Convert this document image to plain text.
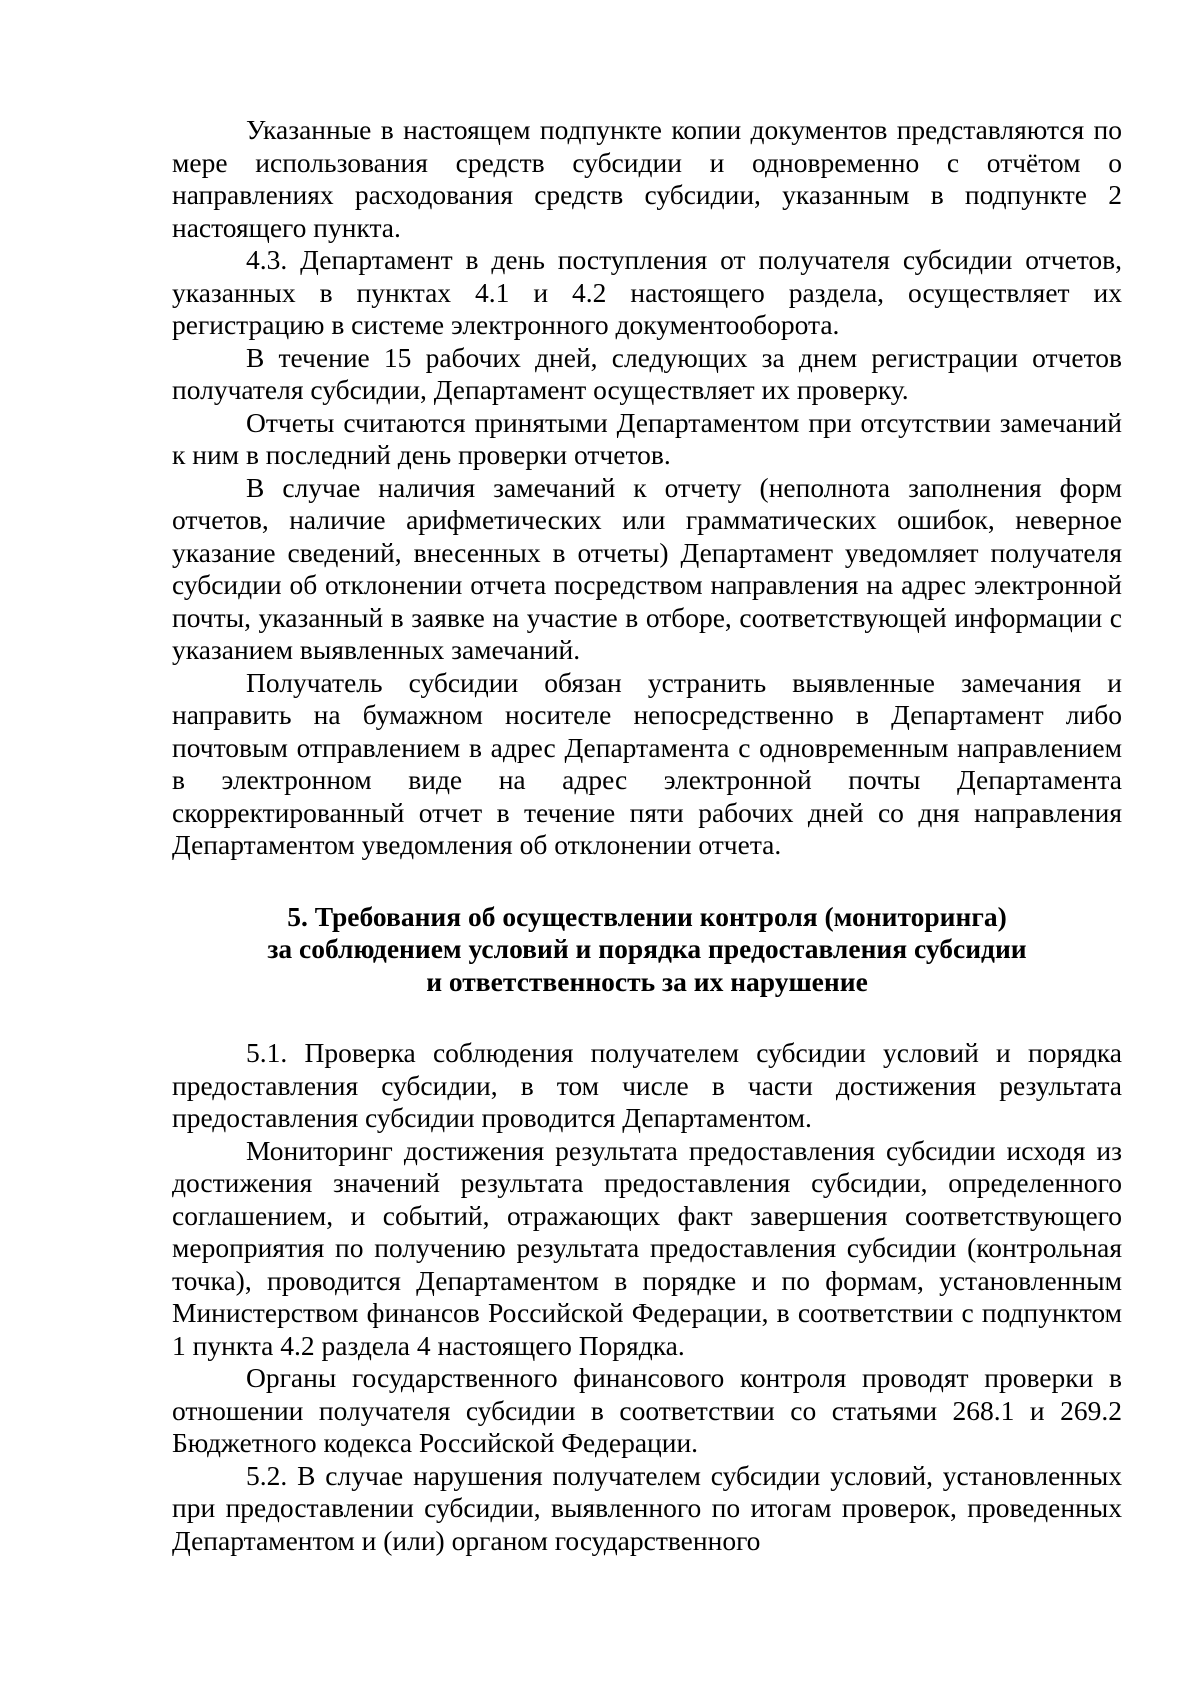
Указанные в настоящем подпункте копии документов представляются по мере использования средств субсидии и одновременно с отчётом о направлениях расходования средств субсидии, указанным в подпункте 2 настоящего пункта.

4.3. Департамент в день поступления от получателя субсидии отчетов, указанных в пунктах 4.1 и 4.2 настоящего раздела, осуществляет их регистрацию в системе электронного документооборота.

В течение 15 рабочих дней, следующих за днем регистрации отчетов получателя субсидии, Департамент осуществляет их проверку.

Отчеты считаются принятыми Департаментом при отсутствии замечаний к ним в последний день проверки отчетов.

В случае наличия замечаний к отчету (неполнота заполнения форм отчетов, наличие арифметических или грамматических ошибок, неверное указание сведений, внесенных в отчеты) Департамент уведомляет получателя субсидии об отклонении отчета посредством направления на адрес электронной почты, указанный в заявке на участие в отборе, соответствующей информации с указанием выявленных замечаний.

Получатель субсидии обязан устранить выявленные замечания и направить на бумажном носителе непосредственно в Департамент либо почтовым отправлением в адрес Департамента с одновременным направлением в электронном виде на адрес электронной почты Департамента скорректированный отчет в течение пяти рабочих дней со дня направления Департаментом уведомления об отклонении отчета.

5. Требования об осуществлении контроля (мониторинга)
за соблюдением условий и порядка предоставления субсидии
и ответственность за их нарушение

5.1. Проверка соблюдения получателем субсидии условий и порядка предоставления субсидии, в том числе в части достижения результата предоставления субсидии проводится Департаментом.

Мониторинг достижения результата предоставления субсидии исходя из достижения значений результата предоставления субсидии, определенного соглашением, и событий, отражающих факт завершения соответствующего мероприятия по получению результата предоставления субсидии (контрольная точка), проводится Департаментом в порядке и по формам, установленным Министерством финансов Российской Федерации, в соответствии с подпунктом 1 пункта 4.2 раздела 4 настоящего Порядка.

Органы государственного финансового контроля проводят проверки в отношении получателя субсидии в соответствии со статьями 268.1 и 269.2 Бюджетного кодекса Российской Федерации.

5.2. В случае нарушения получателем субсидии условий, установленных при предоставлении субсидии, выявленного по итогам проверок, проведенных Департаментом и (или) органом государственного
